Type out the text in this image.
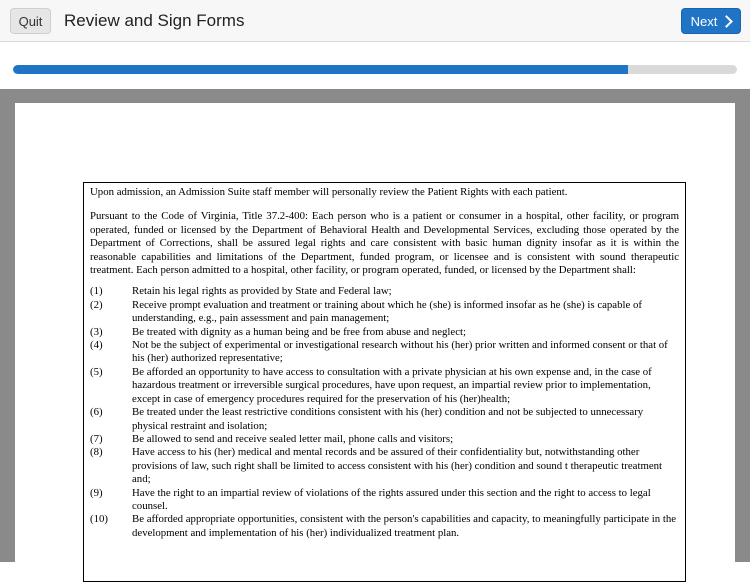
Quit	Review and Sign Forms	Next

Upon admission, an Admission Suite staff member will personally review the Patient Rights with each patient.

Pursuant to the Code of Virginia, Title 37.2-400: Each person who is a patient or consumer in a hospital, other facility, or program operated, funded or licensed by the Department of Behavioral Health and Developmental Services, excluding those operated by the Department of Corrections, shall be assured legal rights and care consistent with basic human dignity insofar as it is within the reasonable capabilities and limitations of the Department, funded program, or licensee and is consistent with sound therapeutic treatment. Each person admitted to a hospital, other facility, or program operated, funded, or licensed by the Department shall:

(1)	Retain his legal rights as provided by State and Federal law;
(2)	Receive prompt evaluation and treatment or training about which he (she) is informed insofar as he (she) is capable of understanding, e.g., pain assessment and pain management;
(3)	Be treated with dignity as a human being and be free from abuse and neglect;
(4)	Not be the subject of experimental or investigational research without his (her) prior written and informed consent or that of his (her) authorized representative;
(5)	Be afforded an opportunity to have access to consultation with a private physician at his own expense and, in the case of hazardous treatment or irreversible surgical procedures, have upon request, an impartial review prior to implementation, except in case of emergency procedures required for the preservation of his (her)health;
(6)	Be treated under the least restrictive conditions consistent with his (her) condition and not be subjected to unnecessary physical restraint and isolation;
(7)	Be allowed to send and receive sealed letter mail, phone calls and visitors;
(8)	Have access to his (her) medical and mental records and be assured of their confidentiality but, notwithstanding other provisions of law, such right shall be limited to access consistent with his (her) condition and sound t therapeutic treatment and;
(9)	Have the right to an impartial review of violations of the rights assured under this section and the right to access to legal counsel.
(10)	Be afforded appropriate opportunities, consistent with the person's capabilities and capacity, to meaningfully participate in the development and implementation of his (her) individualized treatment plan.
